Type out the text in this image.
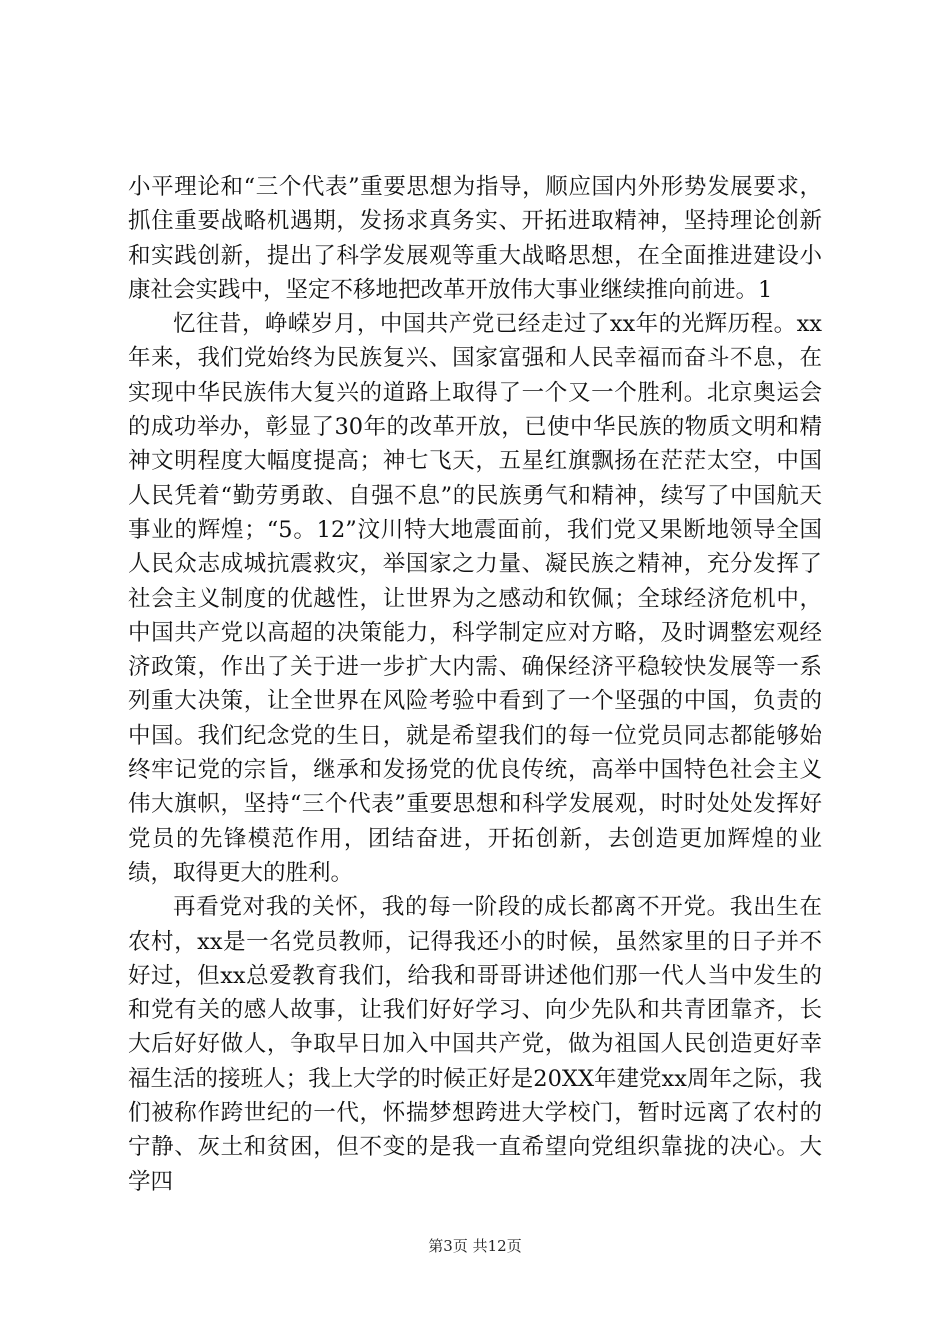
小平理论和“三个代表”重要思想为指导，顺应国内外形势发展要求，抓住重要战略机遇期，发扬求真务实、开拓进取精神，坚持理论创新和实践创新，提出了科学发展观等重大战略思想，在全面推进建设小康社会实践中，坚定不移地把改革开放伟大事业继续推向前进。1

忆往昔，峥嵘岁月，中国共产党已经走过了xx年的光辉历程。xx年来，我们党始终为民族复兴、国家富强和人民幸福而奋斗不息，在实现中华民族伟大复兴的道路上取得了一个又一个胜利。北京奥运会的成功举办，彰显了30年的改革开放，已使中华民族的物质文明和精神文明程度大幅度提高；神七飞天，五星红旗飘扬在茫茫太空，中国人民凭着“勤劳勇敢、自强不息”的民族勇气和精神，续写了中国航天事业的辉煌；“5。12”汶川特大地震面前，我们党又果断地领导全国人民众志成城抗震救灾，举国家之力量、凝民族之精神，充分发挥了社会主义制度的优越性，让世界为之感动和钦佩；全球经济危机中，中国共产党以高超的决策能力，科学制定应对方略，及时调整宏观经济政策，作出了关于进一步扩大内需、确保经济平稳较快发展等一系列重大决策，让全世界在风险考验中看到了一个坚强的中国，负责的中国。我们纪念党的生日，就是希望我们的每一位党员同志都能够始终牢记党的宗旨，继承和发扬党的优良传统，高举中国特色社会主义伟大旗帜，坚持“三个代表”重要思想和科学发展观，时时处处发挥好党员的先锋模范作用，团结奋进，开拓创新，去创造更加辉煌的业绩，取得更大的胜利。

再看党对我的关怀，我的每一阶段的成长都离不开党。我出生在农村，xx是一名党员教师，记得我还小的时候，虽然家里的日子并不好过，但xx总爱教育我们，给我和哥哥讲述他们那一代人当中发生的和党有关的感人故事，让我们好好学习、向少先队和共青团靠齐，长大后好好做人，争取早日加入中国共产党，做为祖国人民创造更好幸福生活的接班人；我上大学的时候正好是20XX年建党xx周年之际，我们被称作跨世纪的一代，怀揣梦想跨进大学校门，暂时远离了农村的宁静、灰土和贫困，但不变的是我一直希望向党组织靠拢的决心。大学四

第3页 共12页
